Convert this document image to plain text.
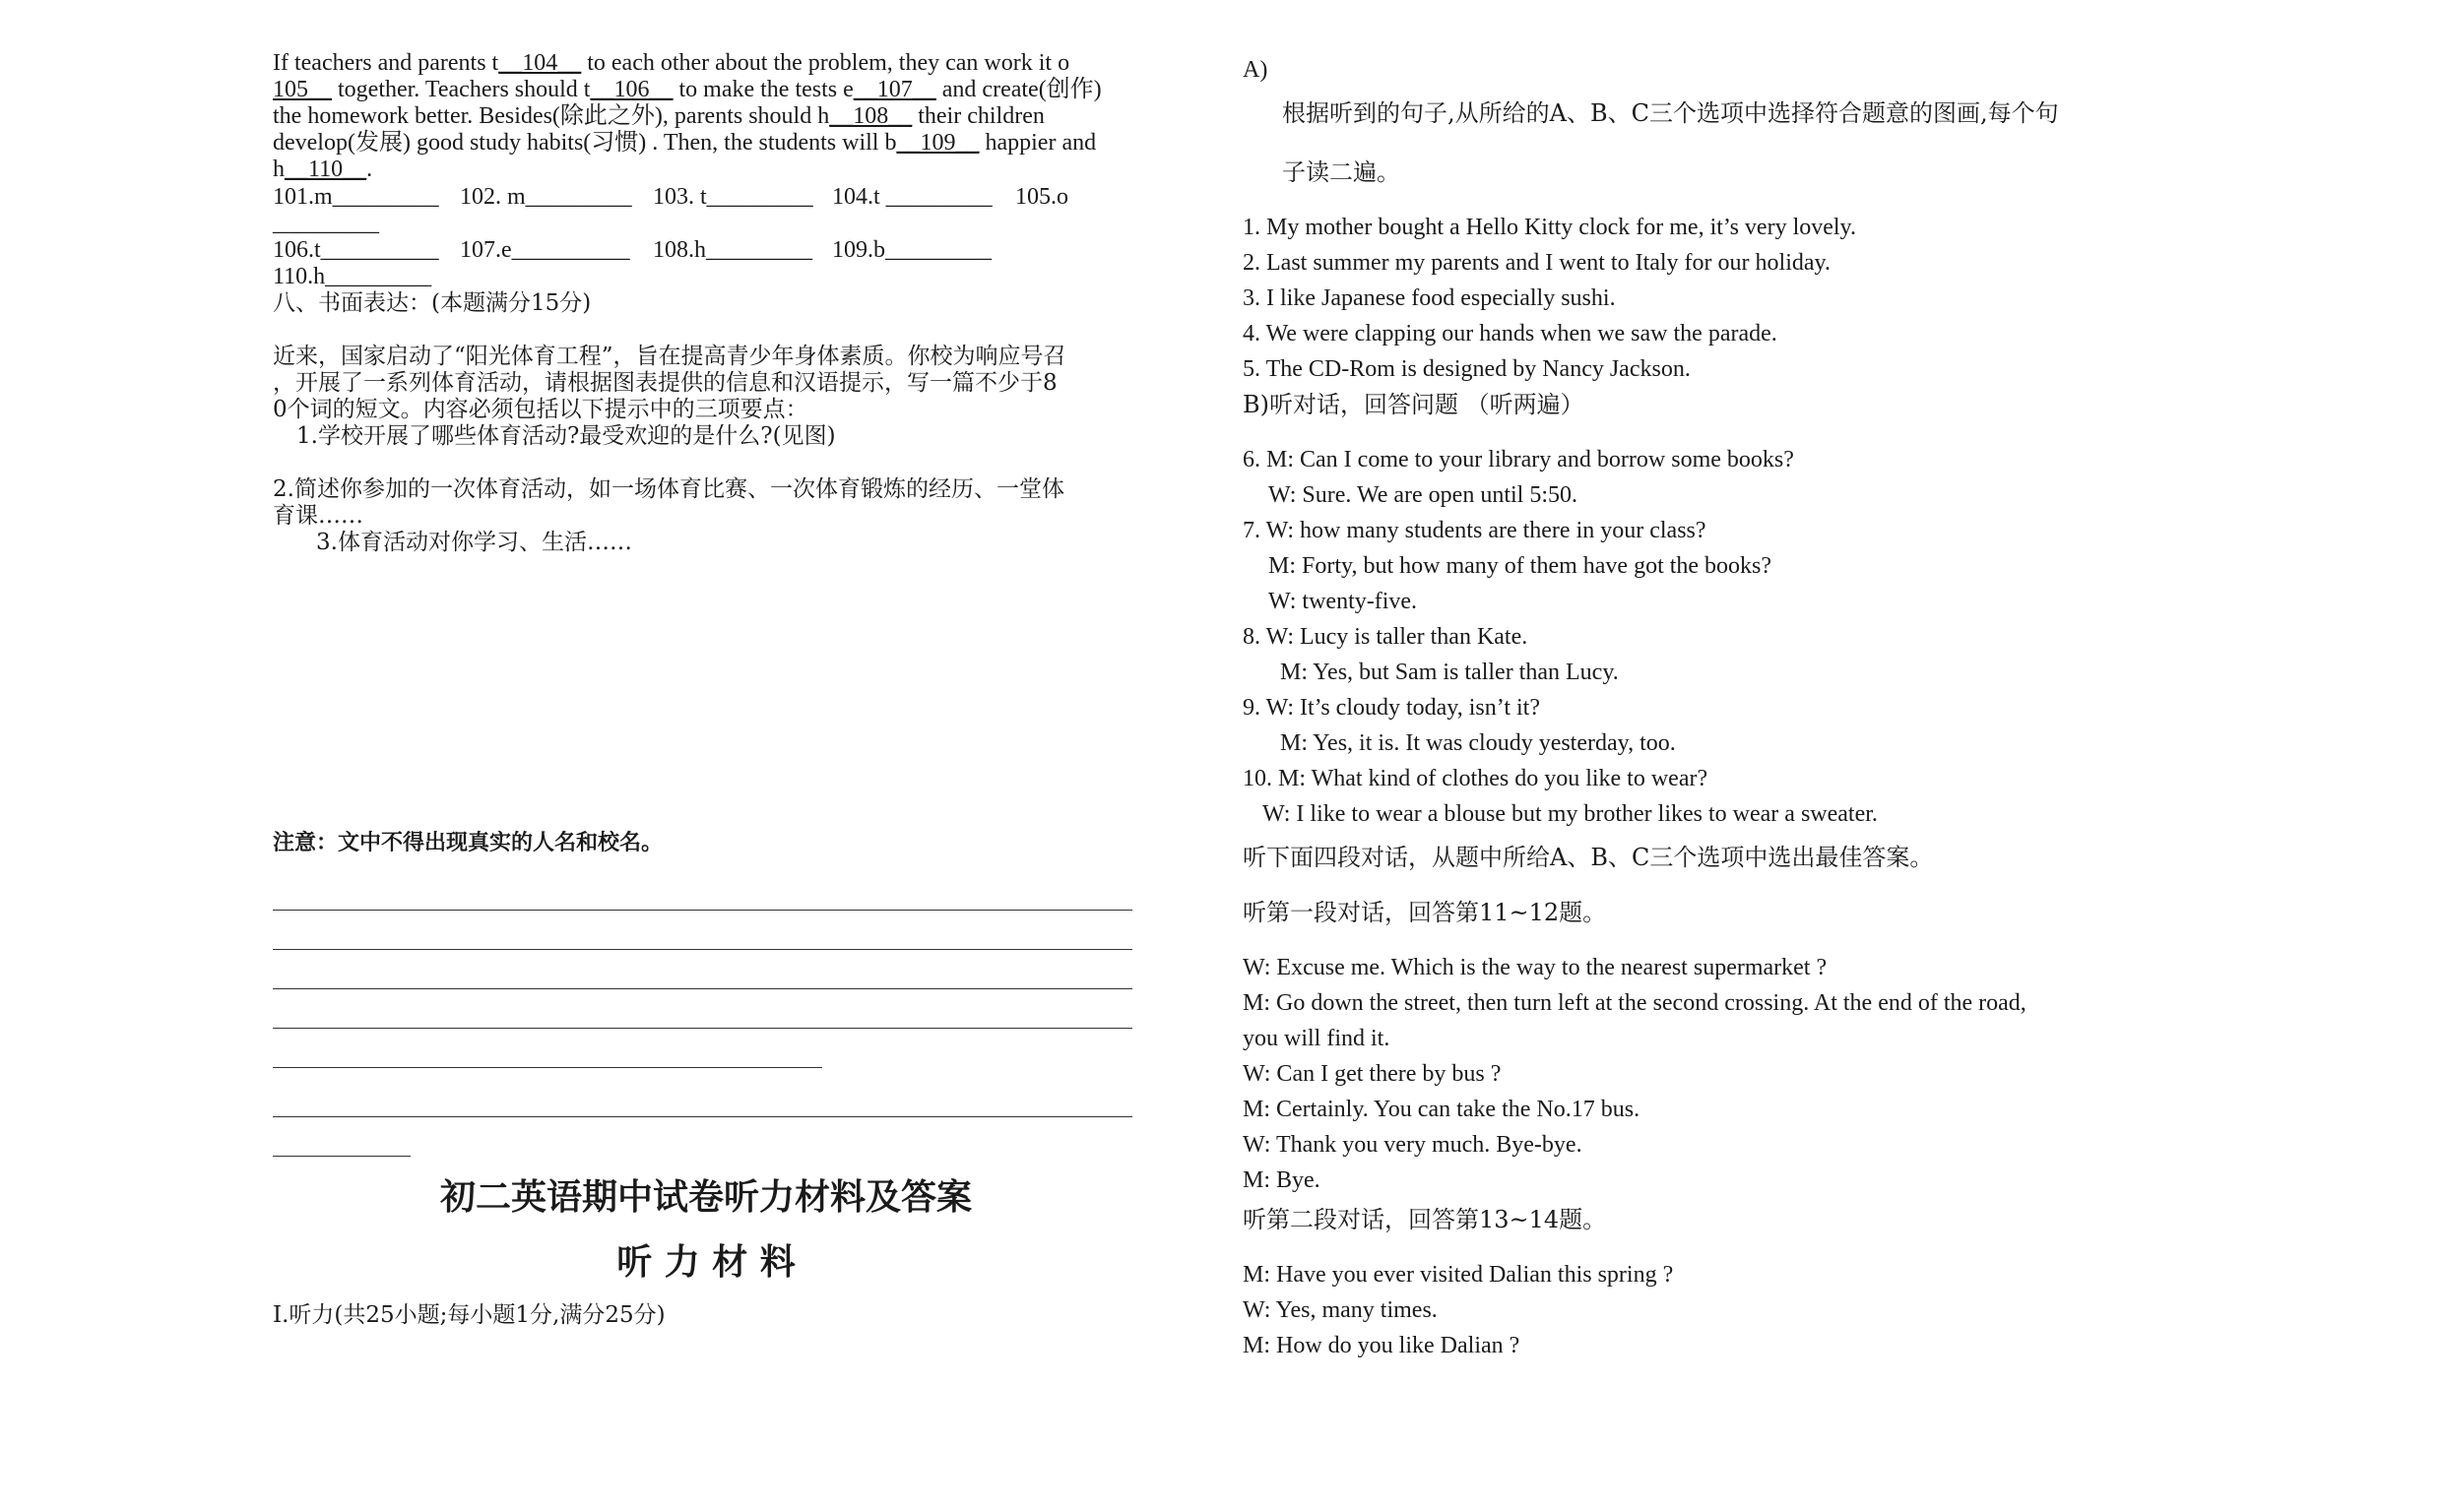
If teachers and parents t__104__ to each other about the problem, they can work it o
105__ together. Teachers should t__106__ to make the tests e__107__ and create(创作)
the homework better. Besides(除此之外), parents should h__108__ their children
develop(发展) good study habits(习惯) . Then, the students will b__109__ happier and
h__110__.
101.m_________ 102. m_________ 103. t_________ 104.t _________ 105.o
_________
106.t__________ 107.e__________ 108.h_________ 109.b_________
110.h_________
八、书面表达：(本题满分15分)
近来，国家启动了“阳光体育工程”，旨在提高青少年身体素质。你校为响应号召
，开展了一系列体育活动，请根据图表提供的信息和汉语提示，写一篇不少于8
0个词的短文。内容必须包括以下提示中的三项要点：
1.学校开展了哪些体育活动?最受欢迎的是什么?(见图)
2.简述你参加的一次体育活动，如一场体育比赛、一次体育锻炼的经历、一堂体
育课……
3.体育活动对你学习、生活……
注意：文中不得出现真实的人名和校名。
初二英语期中试卷听力材料及答案
听 力 材 料
I.听力(共25小题;每小题1分,满分25分)
A)
根据听到的句子,从所给的A、B、C三个选项中选择符合题意的图画,每个句
子读二遍。
1. My mother bought a Hello Kitty clock for me, it’s very lovely.
2. Last summer my parents and I went to Italy for our holiday.
3. I like Japanese food especially sushi.
4. We were clapping our hands when we saw the parade.
5. The CD-Rom is designed by Nancy Jackson.
B)听对话，回答问题 （听两遍）
6. M: Can I come to your library and borrow some books?
W: Sure. We are open until 5:50.
7. W: how many students are there in your class?
M: Forty, but how many of them have got the books?
W: twenty-five.
8. W: Lucy is taller than Kate.
M: Yes, but Sam is taller than Lucy.
9. W: It’s cloudy today, isn’t it?
M: Yes, it is. It was cloudy yesterday, too.
10. M: What kind of clothes do you like to wear?
W: I like to wear a blouse but my brother likes to wear a sweater.
听下面四段对话，从题中所给A、B、C三个选项中选出最佳答案。
听第一段对话，回答第11~12题。
W: Excuse me. Which is the way to the nearest supermarket ?
M: Go down the street, then turn left at the second crossing. At the end of the road,
you will find it.
W: Can I get there by bus ?
M: Certainly. You can take the No.17 bus.
W: Thank you very much. Bye-bye.
M: Bye.
听第二段对话，回答第13~14题。
M: Have you ever visited Dalian this spring ?
W: Yes, many times.
M: How do you like Dalian ?
